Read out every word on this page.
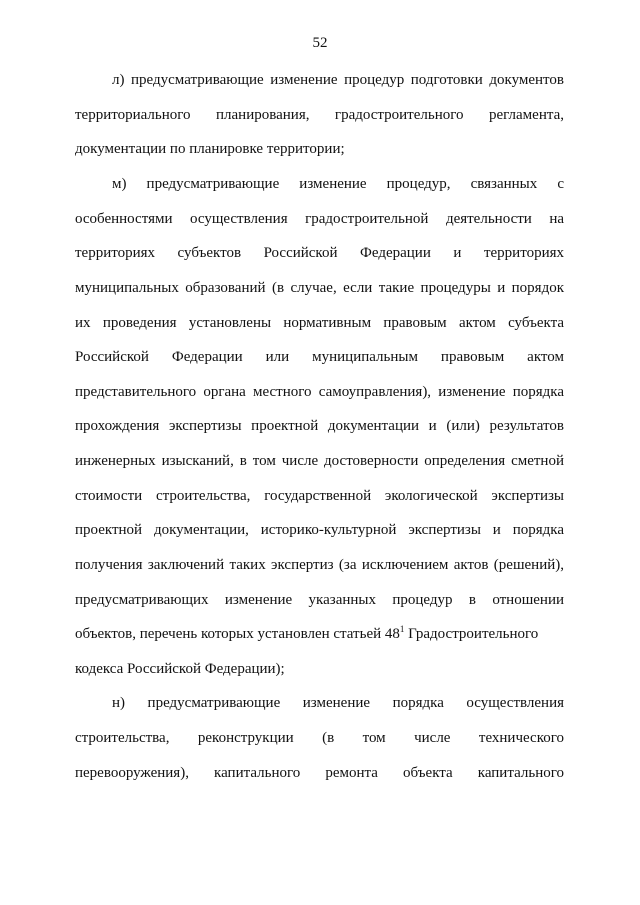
52
л) предусматривающие изменение процедур подготовки документов
территориального планирования, градостроительного регламента,
документации по планировке территории;
м) предусматривающие изменение процедур, связанных с
особенностями осуществления градостроительной деятельности на
территориях субъектов Российской Федерации и территориях
муниципальных образований (в случае, если такие процедуры и порядок
их проведения установлены нормативным правовым актом субъекта
Российской Федерации или муниципальным правовым актом
представительного органа местного самоуправления), изменение порядка
прохождения экспертизы проектной документации и (или) результатов
инженерных изысканий, в том числе достоверности определения сметной
стоимости строительства, государственной экологической экспертизы
проектной документации, историко-культурной экспертизы и порядка
получения заключений таких экспертиз (за исключением актов (решений),
предусматривающих изменение указанных процедур в отношении
объектов, перечень которых установлен статьей $48^1$ Градостроительного
кодекса Российской Федерации);
н) предусматривающие изменение порядка осуществления
строительства, реконструкции (в том числе технического
перевооружения), капитального ремонта объекта капитального
